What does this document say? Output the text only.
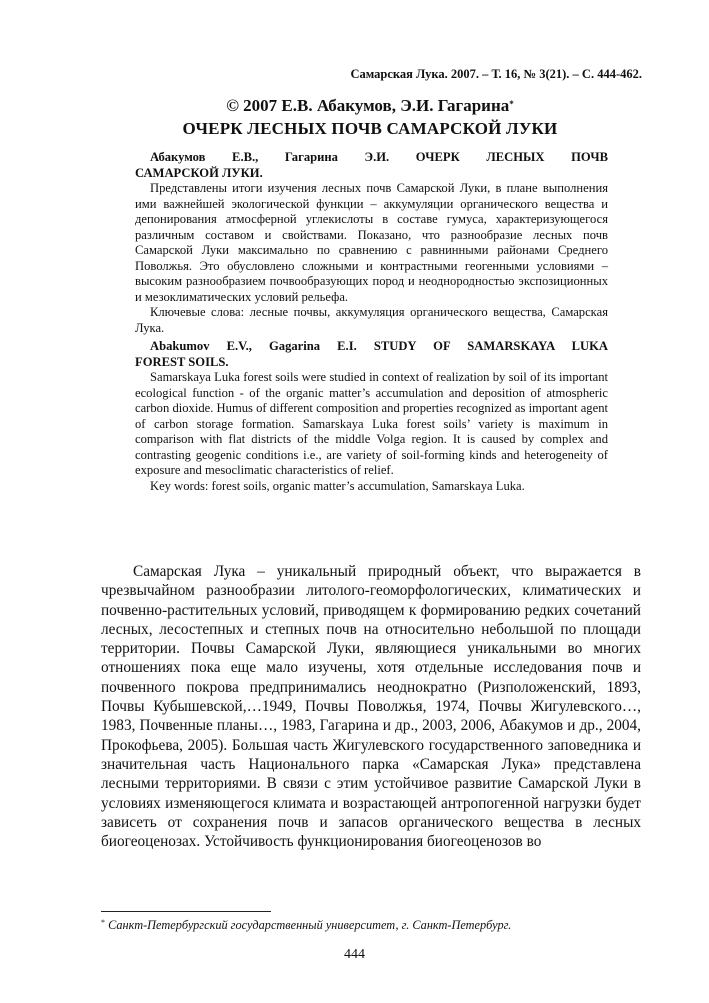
Самарская Лука. 2007. – Т. 16, № 3(21). – С. 444-462.
© 2007 Е.В. Абакумов, Э.И. Гагарина*
ОЧЕРК ЛЕСНЫХ ПОЧВ САМАРСКОЙ ЛУКИ

Абакумов Е.В., Гагарина Э.И. ОЧЕРК ЛЕСНЫХ ПОЧВ

САМАРСКОЙ ЛУКИ.

Представлены итоги изучения лесных почв Самарской Луки, в плане выполнения ими важнейшей экологической функции – аккумуляции органического вещества и депонирования атмосферной углекислоты в составе гумуса, характеризующегося различным составом и свойствами. Показано, что разнообразие лесных почв Самарской Луки максимально по сравнению с равнинными районами Среднего Поволжья. Это обусловлено сложными и контрастными геогенными условиями – высоким разнообразием почвообразующих пород и неоднородностью экспозиционных и мезоклиматических условий рельефа.

Ключевые слова: лесные почвы, аккумуляция органического вещества, Самарская Лука.

Abakumov E.V., Gagarina E.I. STUDY OF SAMARSKAYA LUKA

FOREST SOILS.

Samarskaya Luka forest soils were studied in context of realization by soil of its important ecological function - of the organic matter’s accumulation and deposition of atmospheric carbon dioxide. Humus of different composition and properties recognized as important agent of carbon storage formation. Samarskaya Luka forest soils’ variety is maximum in comparison with flat districts of the middle Volga region. It is caused by complex and contrasting geogenic conditions i.e., are variety of soil-forming kinds and heterogeneity of exposure and mesoclimatic characteristics of relief.

Key words: forest soils, organic matter’s accumulation, Samarskaya Luka.

Самарская Лука – уникальный природный объект, что выражается в чрезвычайном разнообразии литолого-геоморфологических, климатических и почвенно-растительных условий, приводящем к формированию редких сочетаний лесных, лесостепных и степных почв на относительно небольшой по площади территории. Почвы Самарской Луки, являющиеся уникальными во многих отношениях пока еще мало изучены, хотя отдельные исследования почв и почвенного покрова предпринимались неоднократно (Ризположенский, 1893, Почвы Кубышевской,…1949, Почвы Поволжья, 1974, Почвы Жигулевского…, 1983, Почвенные планы…, 1983, Гагарина и др., 2003, 2006, Абакумов и др., 2004, Прокофьева, 2005). Большая часть Жигулевского государственного заповедника и значительная часть Национального парка «Самарская Лука» представлена лесными территориями. В связи с этим устойчивое развитие Самарской Луки в условиях изменяющегося климата и возрастающей антропогенной нагрузки будет зависеть от сохранения почв и запасов органического вещества в лесных биогеоценозах. Устойчивость функционирования биогеоценозов во

* Санкт-Петербургский государственный университет, г. Санкт-Петербург.
444
